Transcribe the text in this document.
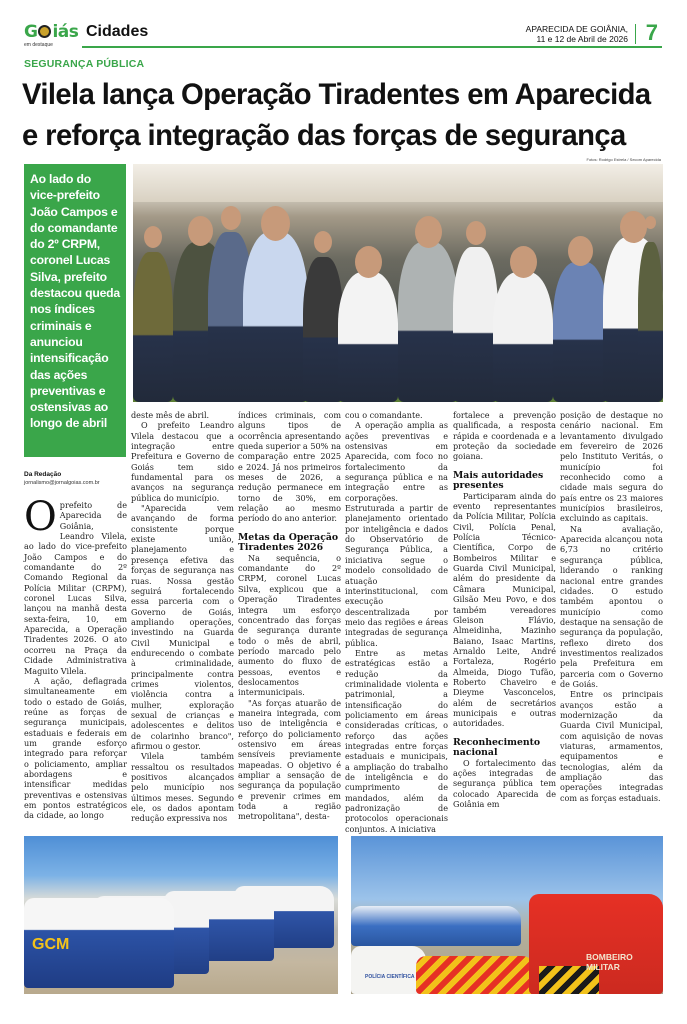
G iás
em destaque
Cidades	APARECIDA DE GOIÂNIA,
11 e 12 de Abril de 2026 7
SEGURANÇA PÚBLICA
Vilela lança Operação Tiradentes em Aparecida
e reforça integração das forças de segurança
Fotos: Rodrigo Estrela / Secom Aparecida

Ao lado do vice-prefeito João Campos e do comandante do 2º CRPM, coronel Lucas Silva, prefeito destacou queda nos índices criminais e anunciou intensificação das ações preventivas e ostensivas ao longo de abril

Da Redação
jornalismo@jornalgoias.com.br

Oprefeito de Aparecida de Goiânia, Leandro Vilela, ao lado do vice-prefeito João Campos e do comandante do 2º Comando Regional da Polícia Militar (CRPM), coronel Lucas Silva, lançou na manhã desta sexta-feira, 10, em Aparecida, a Operação Tiradentes 2026. O ato ocorreu na Praça da Cidade Administrativa Maguito Vilela.

A ação, deflagrada simultaneamente em todo o estado de Goiás, reúne as forças de segurança municipais, estaduais e federais em um grande esforço integrado para reforçar o policiamento, ampliar abordagens e intensificar medidas preventivas e ostensivas em pontos estratégicos da cidade, ao longo

deste mês de abril.

O prefeito Leandro Vilela destacou que a integração entre Prefeitura e Governo de Goiás tem sido fundamental para os avanços na segurança pública do município.

"Aparecida vem avançando de forma consistente porque existe união, planejamento e presença efetiva das forças de segurança nas ruas. Nossa gestão seguirá fortalecendo essa parceria com o Governo de Goiás, ampliando operações, investindo na Guarda Civil Municipal e endurecendo o combate à criminalidade, principalmente contra crimes violentos, violência contra a mulher, exploração sexual de crianças e adolescentes e delitos de colarinho branco", afirmou o gestor.

Vilela também ressaltou os resultados positivos alcançados pelo município nos últimos meses. Segundo ele, os dados apontam redução expressiva nos

índices criminais, com alguns tipos de ocorrência apresentando queda superior a 50% na comparação entre 2025 e 2024. Já nos primeiros meses de 2026, a redução permanece em torno de 30%, em relação ao mesmo período do ano anterior.

Metas da Operação Tiradentes 2026

Na sequência, o comandante do 2º CRPM, coronel Lucas Silva, explicou que a Operação Tiradentes integra um esforço concentrado das forças de segurança durante todo o mês de abril, período marcado pelo aumento do fluxo de pessoas, eventos e deslocamentos intermunicipais.

"As forças atuarão de maneira integrada, com uso de inteligência e reforço do policiamento ostensivo em áreas sensíveis previamente mapeadas. O objetivo é ampliar a sensação de segurança da população e prevenir crimes em toda a região metropolitana", desta-

cou o comandante.

A operação amplia as ações preventivas e ostensivas em Aparecida, com foco no fortalecimento da segurança pública e na integração entre as corporações. Estruturada a partir de planejamento orientado por inteligência e dados do Observatório de Segurança Pública, a iniciativa segue o modelo consolidado de atuação interinstitucional, com execução descentralizada por meio das regiões e áreas integradas de segurança pública.

Entre as metas estratégicas estão a redução da criminalidade violenta e patrimonial, a intensificação do policiamento em áreas consideradas críticas, o reforço das ações integradas entre forças estaduais e municipais, a ampliação do trabalho de inteligência e do cumprimento de mandados, além da padronização de protocolos operacionais conjuntos. A iniciativa

fortalece a prevenção qualificada, a resposta rápida e coordenada e a proteção da sociedade goiana.

Mais autoridades presentes

Participaram ainda do evento representantes da Polícia Militar, Polícia Civil, Polícia Penal, Polícia Técnico-Científica, Corpo de Bombeiros Militar e Guarda Civil Municipal, além do presidente da Câmara Municipal, Gilsão Meu Povo, e dos também vereadores Gleison Flávio, Almeidinha, Mazinho Baiano, Isaac Martins, Arnaldo Leite, André Fortaleza, Rogério Almeida, Diogo Tufão, Roberto Chaveiro e Dieyme Vasconcelos, além de secretários municipais e outras autoridades.

Reconhecimento nacional

O fortalecimento das ações integradas de segurança pública tem colocado Aparecida de Goiânia em

posição de destaque no cenário nacional. Em levantamento divulgado em fevereiro de 2026 pelo Instituto Veritás, o município foi reconhecido como a cidade mais segura do país entre os 23 maiores municípios brasileiros, excluindo as capitais.

Na avaliação, Aparecida alcançou nota 6,73 no critério segurança pública, liderando o ranking nacional entre grandes cidades. O estudo também apontou o município como destaque na sensação de segurança da população, reflexo direto dos investimentos realizados pela Prefeitura em parceria com o Governo de Goiás.

Entre os principais avanços estão a modernização da Guarda Civil Municipal, com aquisição de novas viaturas, armamentos, equipamentos e tecnologias, além da ampliação das operações integradas com as forças estaduais.

GCM
BOMBEIRO MILITAR
POLÍCIA CIENTÍFICA
